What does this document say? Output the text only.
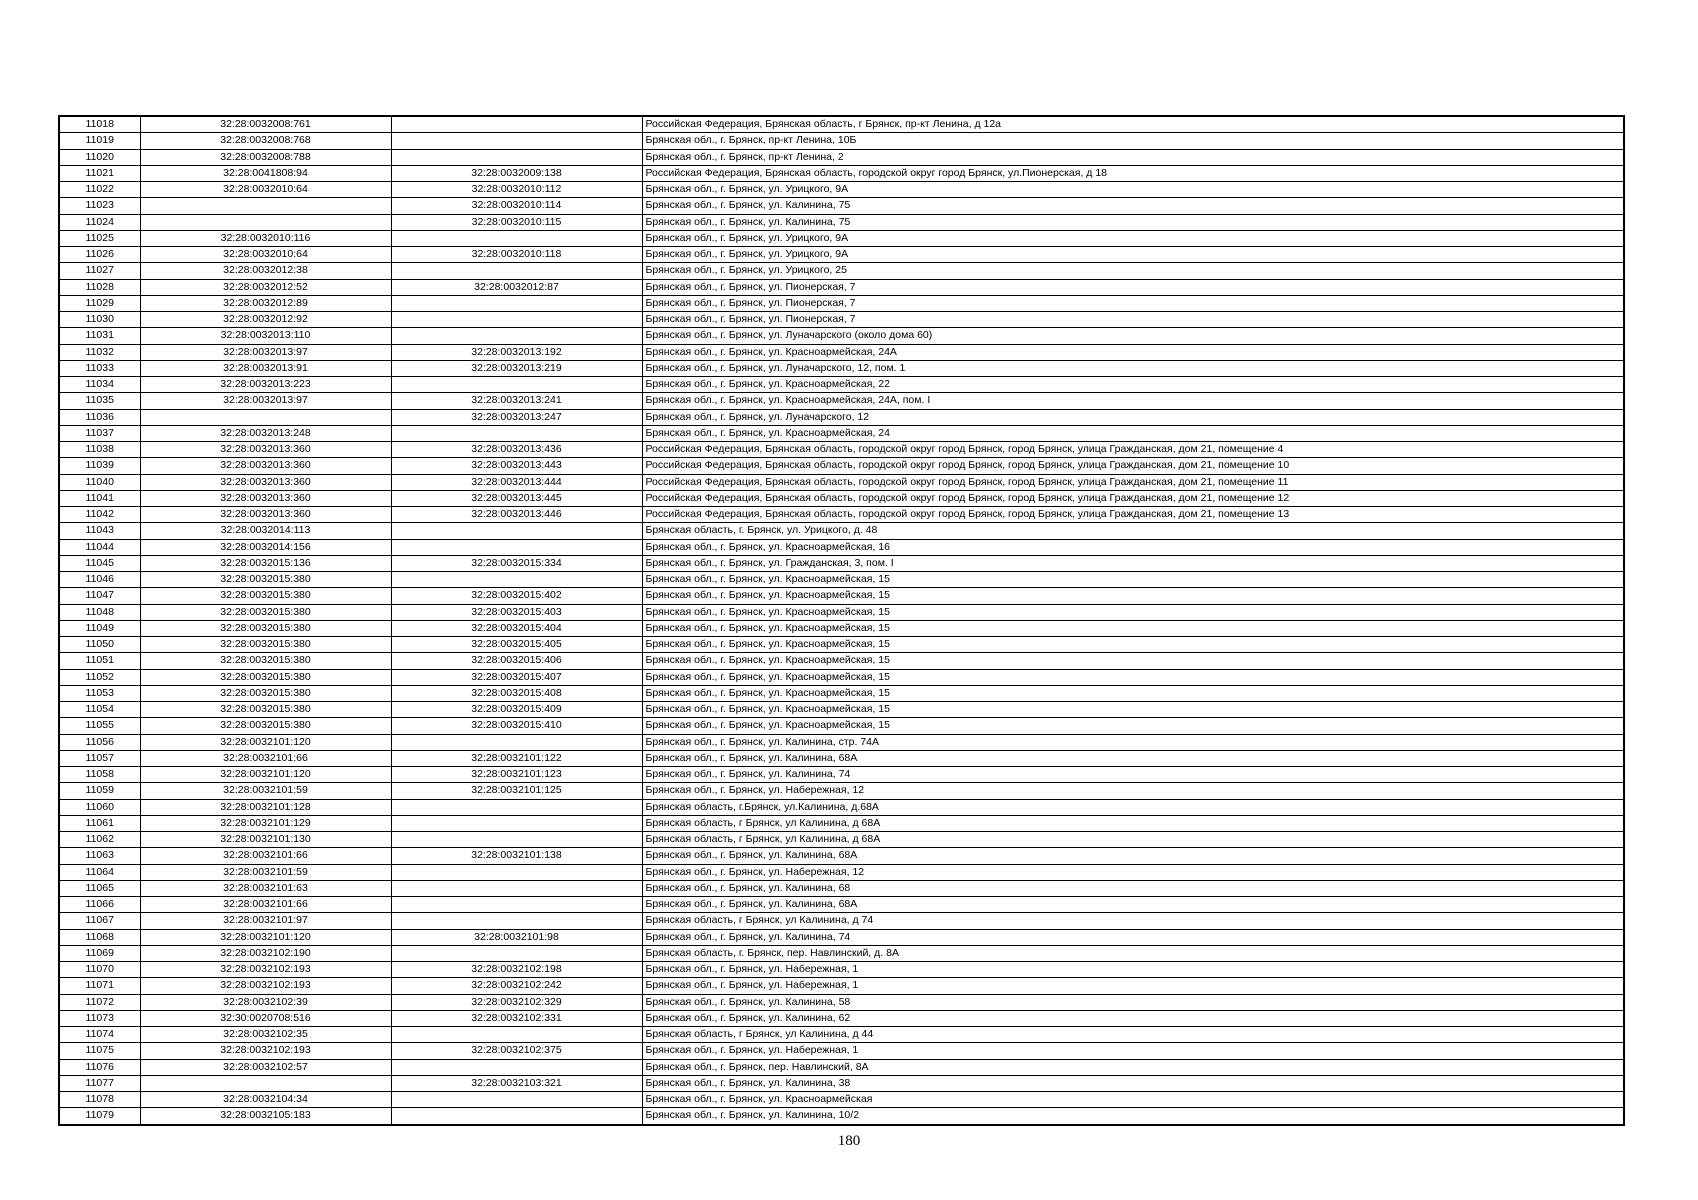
11018	32:28:0032008:761		Российская Федерация, Брянская область, г Брянск, пр-кт Ленина, д 12а
11019	32:28:0032008:768		Брянская обл., г. Брянск, пр-кт Ленина, 10Б
11020	32:28:0032008:788		Брянская обл., г. Брянск, пр-кт Ленина, 2
11021	32:28:0041808:94	32:28:0032009:138	Российская Федерация, Брянская область, городской округ город Брянск, ул.Пионерская, д 18
11022	32:28:0032010:64	32:28:0032010:112	Брянская обл., г. Брянск, ул. Урицкого, 9А
11023		32:28:0032010:114	Брянская обл., г. Брянск, ул. Калинина, 75
11024		32:28:0032010:115	Брянская обл., г. Брянск, ул. Калинина, 75
11025	32:28:0032010:116		Брянская обл., г. Брянск, ул. Урицкого, 9А
11026	32:28:0032010:64	32:28:0032010:118	Брянская обл., г. Брянск, ул. Урицкого, 9А
11027	32:28:0032012:38		Брянская обл., г. Брянск, ул. Урицкого, 25
11028	32:28:0032012:52	32:28:0032012:87	Брянская обл., г. Брянск, ул. Пионерская, 7
11029	32:28:0032012:89		Брянская обл., г. Брянск, ул. Пионерская, 7
11030	32:28:0032012:92		Брянская обл., г. Брянск, ул. Пионерская, 7
11031	32:28:0032013:110		Брянская обл., г. Брянск, ул. Луначарского (около дома 60)
11032	32:28:0032013:97	32:28:0032013:192	Брянская обл., г. Брянск, ул. Красноармейская, 24А
11033	32:28:0032013:91	32:28:0032013:219	Брянская обл., г. Брянск, ул. Луначарского, 12, пом. 1
11034	32:28:0032013:223		Брянская обл., г. Брянск, ул. Красноармейская, 22
11035	32:28:0032013:97	32:28:0032013:241	Брянская обл., г. Брянск, ул. Красноармейская, 24А, пом. I
11036		32:28:0032013:247	Брянская обл., г. Брянск, ул. Луначарского, 12
11037	32:28:0032013:248		Брянская обл., г. Брянск, ул. Красноармейская, 24
11038	32:28:0032013:360	32:28:0032013:436	Российская Федерация, Брянская область, городской округ город Брянск, город Брянск, улица Гражданская, дом 21, помещение 4
11039	32:28:0032013:360	32:28:0032013:443	Российская Федерация, Брянская область, городской округ город Брянск, город Брянск, улица Гражданская, дом 21, помещение 10
11040	32:28:0032013:360	32:28:0032013:444	Российская Федерация, Брянская область, городской округ город Брянск, город Брянск, улица Гражданская, дом 21, помещение 11
11041	32:28:0032013:360	32:28:0032013:445	Российская Федерация, Брянская область, городской округ город Брянск, город Брянск, улица Гражданская, дом 21, помещение 12
11042	32:28:0032013:360	32:28:0032013:446	Российская Федерация, Брянская область, городской округ город Брянск, город Брянск, улица Гражданская, дом 21, помещение 13
11043	32:28:0032014:113		Брянская область, г. Брянск, ул. Урицкого, д. 48
11044	32:28:0032014:156		Брянская обл., г. Брянск, ул. Красноармейская, 16
11045	32:28:0032015:136	32:28:0032015:334	Брянская обл., г. Брянск, ул. Гражданская, 3, пом. I
11046	32:28:0032015:380		Брянская обл., г. Брянск, ул. Красноармейская, 15
11047	32:28:0032015:380	32:28:0032015:402	Брянская обл., г. Брянск, ул. Красноармейская, 15
11048	32:28:0032015:380	32:28:0032015:403	Брянская обл., г. Брянск, ул. Красноармейская, 15
11049	32:28:0032015:380	32:28:0032015:404	Брянская обл., г. Брянск, ул. Красноармейская, 15
11050	32:28:0032015:380	32:28:0032015:405	Брянская обл., г. Брянск, ул. Красноармейская, 15
11051	32:28:0032015:380	32:28:0032015:406	Брянская обл., г. Брянск, ул. Красноармейская, 15
11052	32:28:0032015:380	32:28:0032015:407	Брянская обл., г. Брянск, ул. Красноармейская, 15
11053	32:28:0032015:380	32:28:0032015:408	Брянская обл., г. Брянск, ул. Красноармейская, 15
11054	32:28:0032015:380	32:28:0032015:409	Брянская обл., г. Брянск, ул. Красноармейская, 15
11055	32:28:0032015:380	32:28:0032015:410	Брянская обл., г. Брянск, ул. Красноармейская, 15
11056	32:28:0032101:120		Брянская обл., г. Брянск, ул. Калинина, стр. 74А
11057	32:28:0032101:66	32:28:0032101:122	Брянская обл., г. Брянск, ул. Калинина, 68А
11058	32:28:0032101:120	32:28:0032101:123	Брянская обл., г. Брянск, ул. Калинина, 74
11059	32:28:0032101:59	32:28:0032101:125	Брянская обл., г. Брянск, ул. Набережная, 12
11060	32:28:0032101:128		Брянская область, г.Брянск, ул.Калинина, д.68А
11061	32:28:0032101:129		Брянская область, г Брянск, ул Калинина, д 68А
11062	32:28:0032101:130		Брянская область, г Брянск, ул Калинина, д 68А
11063	32:28:0032101:66	32:28:0032101:138	Брянская обл., г. Брянск, ул. Калинина, 68А
11064	32:28:0032101:59		Брянская обл., г. Брянск, ул. Набережная, 12
11065	32:28:0032101:63		Брянская обл., г. Брянск, ул. Калинина, 68
11066	32:28:0032101:66		Брянская обл., г. Брянск, ул. Калинина, 68А
11067	32:28:0032101:97		Брянская область, г Брянск, ул Калинина, д 74
11068	32:28:0032101:120	32:28:0032101:98	Брянская обл., г. Брянск, ул. Калинина, 74
11069	32:28:0032102:190		Брянская область, г. Брянск, пер. Навлинский, д. 8А
11070	32:28:0032102:193	32:28:0032102:198	Брянская обл., г. Брянск, ул. Набережная, 1
11071	32:28:0032102:193	32:28:0032102:242	Брянская обл., г. Брянск, ул. Набережная, 1
11072	32:28:0032102:39	32:28:0032102:329	Брянская обл., г. Брянск, ул. Калинина, 58
11073	32:30:0020708:516	32:28:0032102:331	Брянская обл., г. Брянск, ул. Калинина, 62
11074	32:28:0032102:35		Брянская область, г Брянск, ул Калинина, д 44
11075	32:28:0032102:193	32:28:0032102:375	Брянская обл., г. Брянск, ул. Набережная, 1
11076	32:28:0032102:57		Брянская обл., г. Брянск, пер. Навлинский, 8А
11077		32:28:0032103:321	Брянская обл., г. Брянск, ул. Калинина, 38
11078	32:28:0032104:34		Брянская обл., г. Брянск, ул. Красноармейская
11079	32:28:0032105:183		Брянская обл., г. Брянск, ул. Калинина, 10/2
180
